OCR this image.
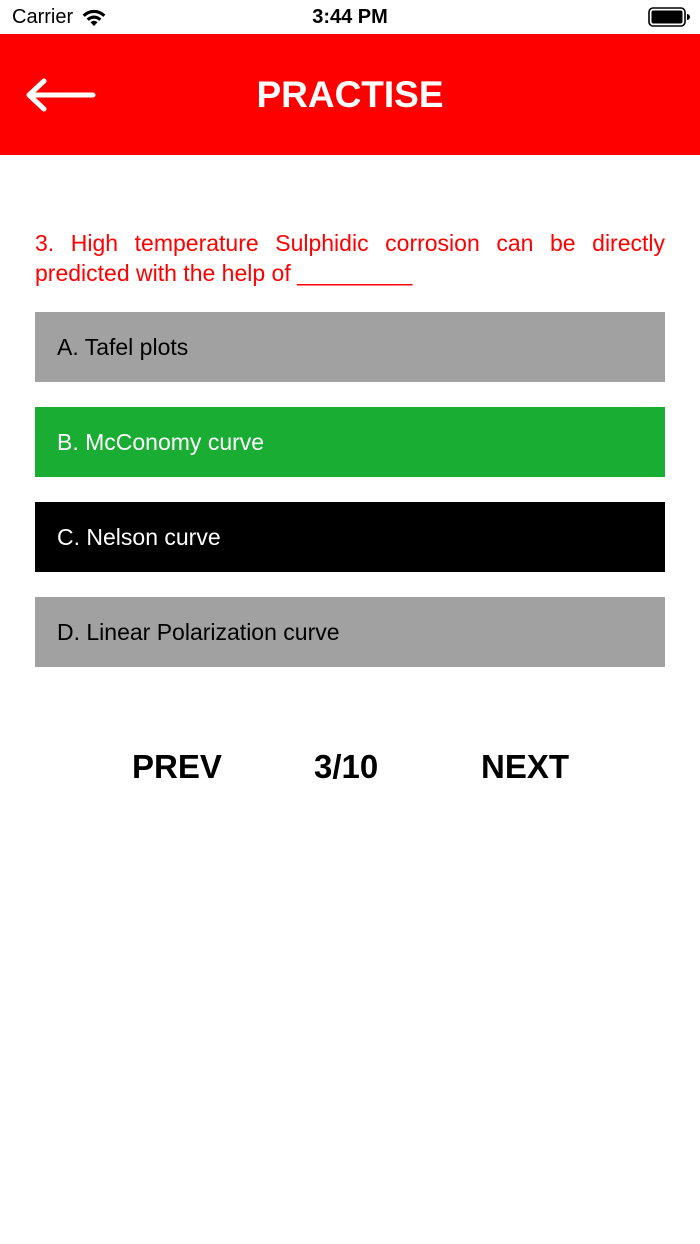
Carrier	3:44 PM
PRACTISE
3. High temperature Sulphidic corrosion can be directly predicted with the help of _________
A. Tafel plots
B. McConomy curve
C. Nelson curve
D. Linear Polarization curve
PREV	3/10	NEXT
